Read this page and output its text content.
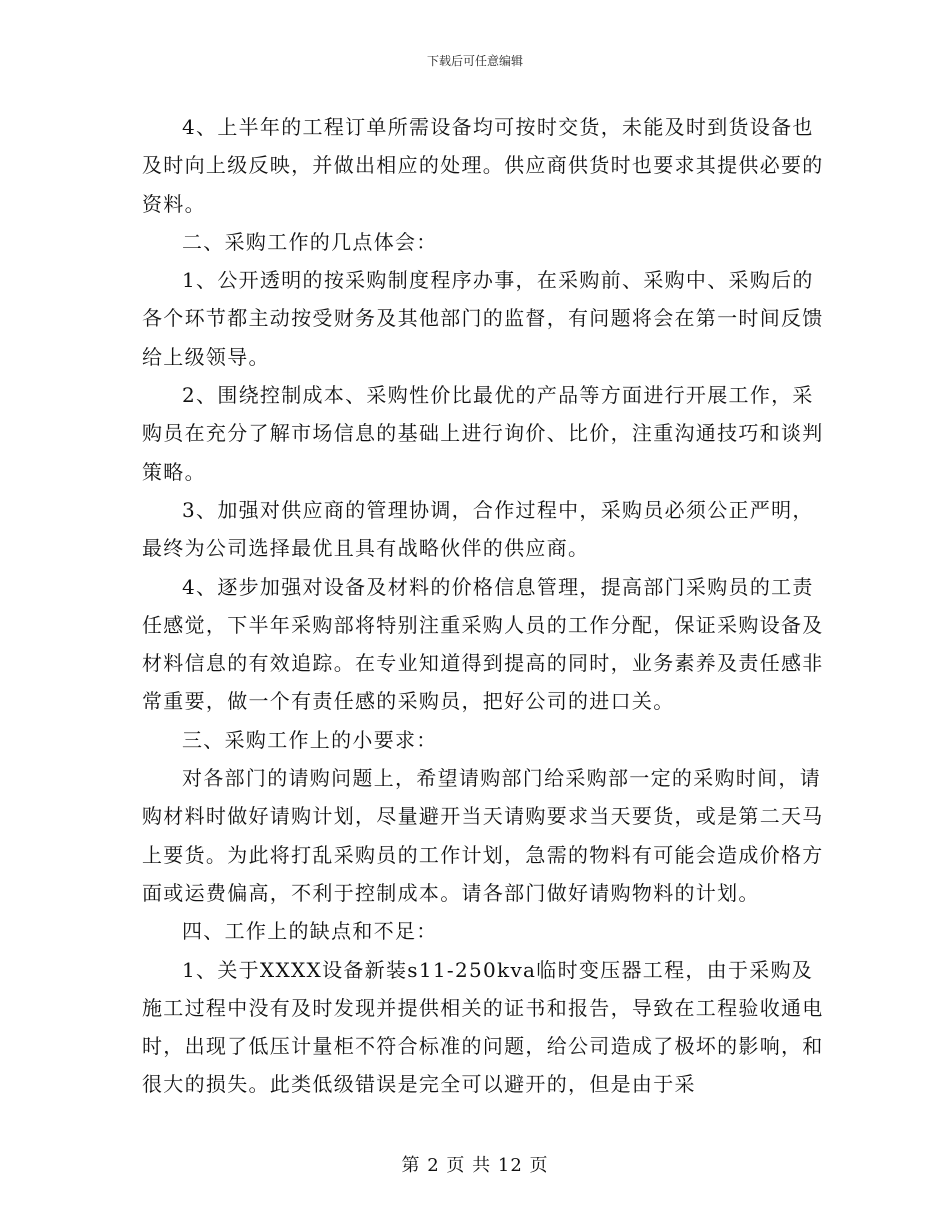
下载后可任意编辑

4、上半年的工程订单所需设备均可按时交货，未能及时到货设备也及时向上级反映，并做出相应的处理。供应商供货时也要求其提供必要的资料。

二、采购工作的几点体会：

1、公开透明的按采购制度程序办事，在采购前、采购中、采购后的各个环节都主动按受财务及其他部门的监督，有问题将会在第一时间反馈给上级领导。

2、围绕控制成本、采购性价比最优的产品等方面进行开展工作，采购员在充分了解市场信息的基础上进行询价、比价，注重沟通技巧和谈判策略。

3、加强对供应商的管理协调，合作过程中，采购员必须公正严明，最终为公司选择最优且具有战略伙伴的供应商。

4、逐步加强对设备及材料的价格信息管理，提高部门采购员的工责任感觉，下半年采购部将特别注重采购人员的工作分配，保证采购设备及材料信息的有效追踪。在专业知道得到提高的同时，业务素养及责任感非常重要，做一个有责任感的采购员，把好公司的进口关。

三、采购工作上的小要求：

对各部门的请购问题上，希望请购部门给采购部一定的采购时间，请购材料时做好请购计划，尽量避开当天请购要求当天要货，或是第二天马上要货。为此将打乱采购员的工作计划，急需的物料有可能会造成价格方面或运费偏高，不利于控制成本。请各部门做好请购物料的计划。

四、工作上的缺点和不足：

1、关于XXXX设备新装s11-250kva临时变压器工程，由于采购及施工过程中没有及时发现并提供相关的证书和报告，导致在工程验收通电时，出现了低压计量柜不符合标准的问题，给公司造成了极坏的影响，和很大的损失。此类低级错误是完全可以避开的，但是由于采

第 2 页 共 12 页
